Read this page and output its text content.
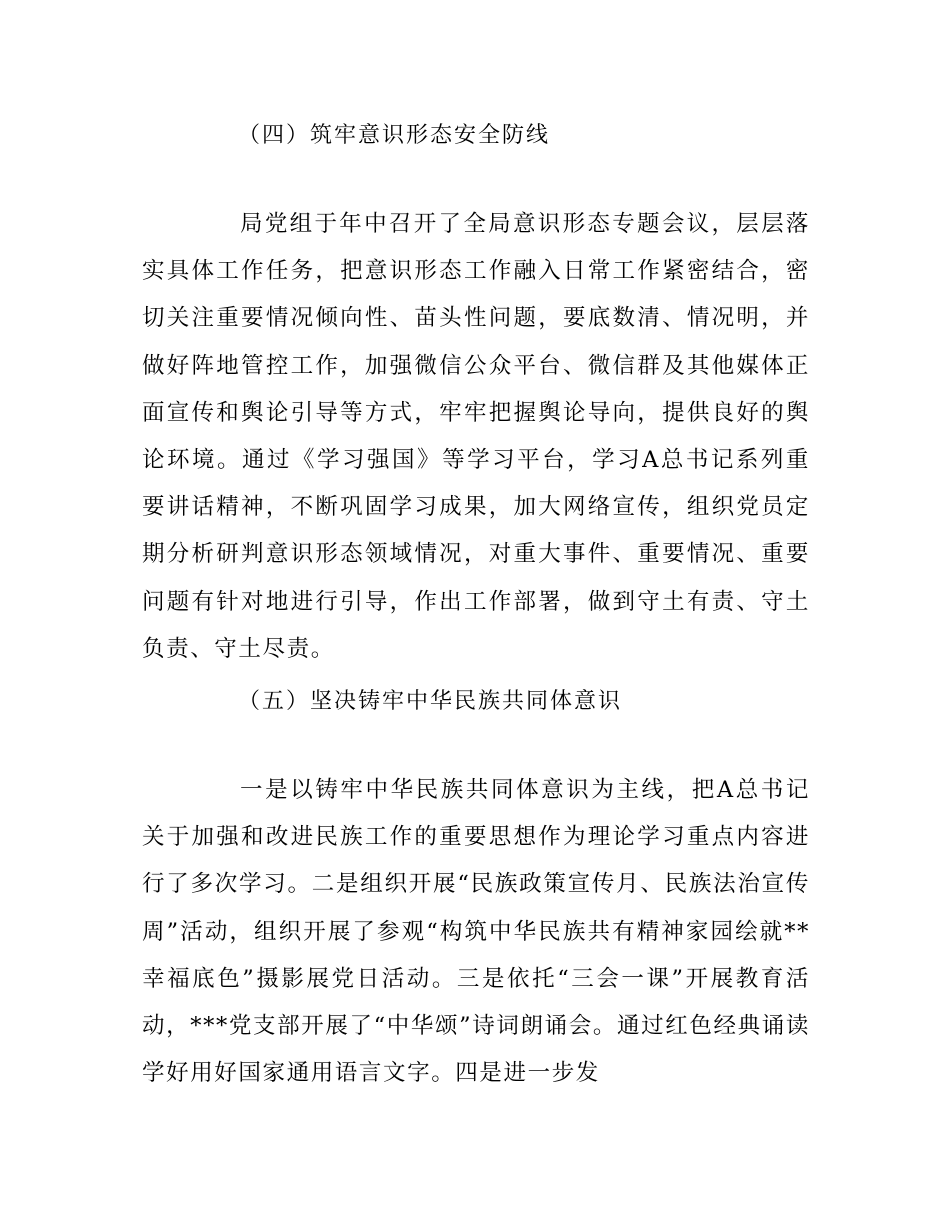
（四）筑牢意识形态安全防线
局党组于年中召开了全局意识形态专题会议，层层落实具体工作任务，把意识形态工作融入日常工作紧密结合，密切关注重要情况倾向性、苗头性问题，要底数清、情况明，并做好阵地管控工作，加强微信公众平台、微信群及其他媒体正面宣传和舆论引导等方式，牢牢把握舆论导向，提供良好的舆论环境。通过《学习强国》等学习平台，学习A总书记系列重要讲话精神，不断巩固学习成果，加大网络宣传，组织党员定期分析研判意识形态领域情况，对重大事件、重要情况、重要问题有针对地进行引导，作出工作部署，做到守土有责、守土负责、守土尽责。
（五）坚决铸牢中华民族共同体意识
一是以铸牢中华民族共同体意识为主线，把A总书记关于加强和改进民族工作的重要思想作为理论学习重点内容进行了多次学习。二是组织开展“民族政策宣传月、民族法治宣传周”活动，组织开展了参观“构筑中华民族共有精神家园绘就**幸福底色”摄影展党日活动。三是依托“三会一课”开展教育活动，***党支部开展了“中华颂”诗词朗诵会。通过红色经典诵读学好用好国家通用语言文字。四是进一步发
